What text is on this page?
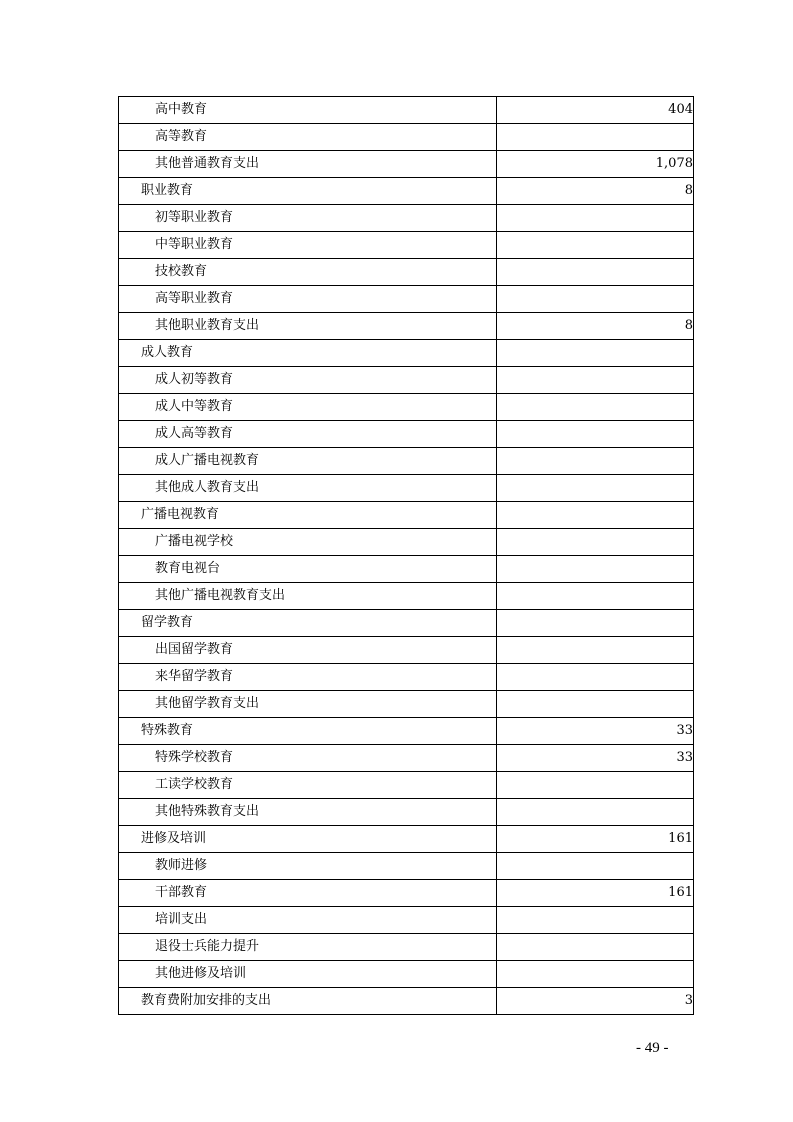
高中教育	404
高等教育	
其他普通教育支出	1,078
职业教育	8
初等职业教育	
中等职业教育	
技校教育	
高等职业教育	
其他职业教育支出	8
成人教育	
成人初等教育	
成人中等教育	
成人高等教育	
成人广播电视教育	
其他成人教育支出	
广播电视教育	
广播电视学校	
教育电视台	
其他广播电视教育支出	
留学教育	
出国留学教育	
来华留学教育	
其他留学教育支出	
特殊教育	33
特殊学校教育	33
工读学校教育	
其他特殊教育支出	
进修及培训	161
教师进修	
干部教育	161
培训支出	
退役士兵能力提升	
其他进修及培训	
教育费附加安排的支出	3
- 49 -
